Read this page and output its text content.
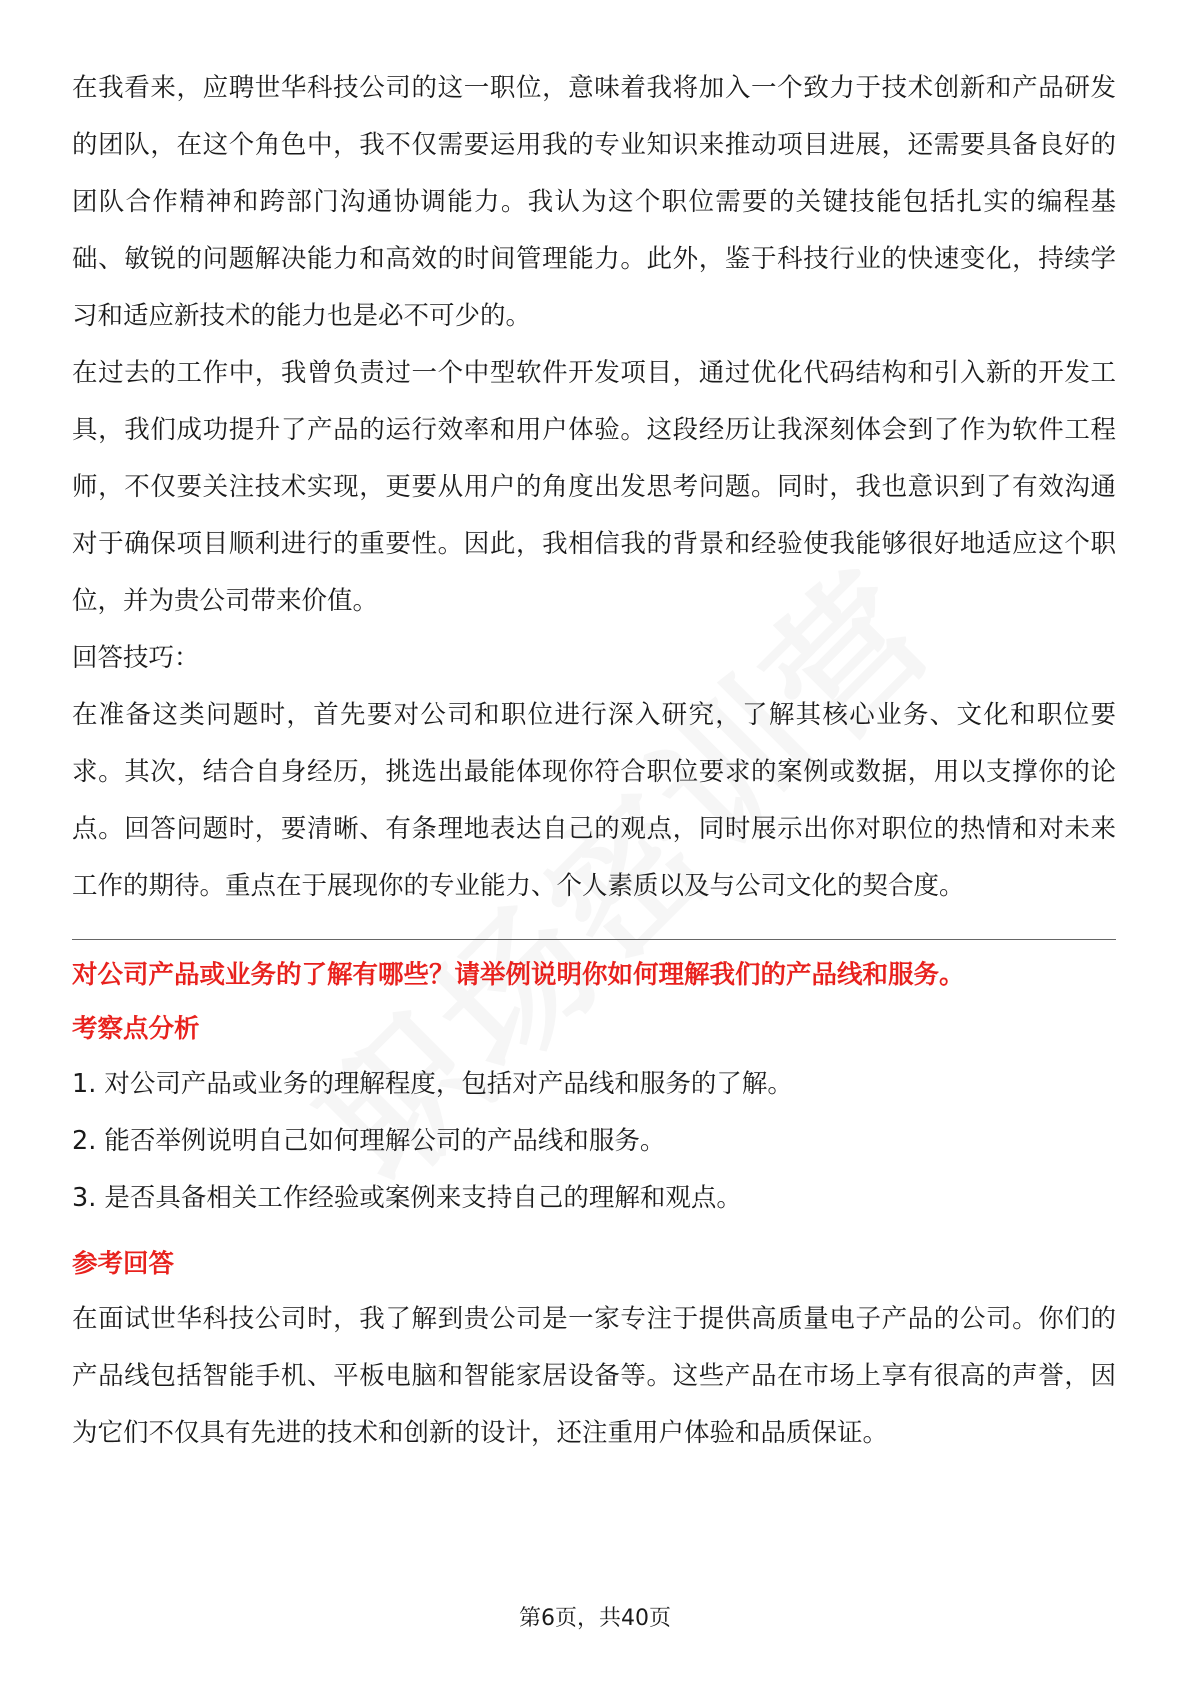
在我看来，应聘世华科技公司的这一职位，意味着我将加入一个致力于技术创新和产品研发的团队，在这个角色中，我不仅需要运用我的专业知识来推动项目进展，还需要具备良好的团队合作精神和跨部门沟通协调能力。我认为这个职位需要的关键技能包括扎实的编程基础、敏锐的问题解决能力和高效的时间管理能力。此外，鉴于科技行业的快速变化，持续学习和适应新技术的能力也是必不可少的。

在过去的工作中，我曾负责过一个中型软件开发项目，通过优化代码结构和引入新的开发工具，我们成功提升了产品的运行效率和用户体验。这段经历让我深刻体会到了作为软件工程师，不仅要关注技术实现，更要从用户的角度出发思考问题。同时，我也意识到了有效沟通对于确保项目顺利进行的重要性。因此，我相信我的背景和经验使我能够很好地适应这个职位，并为贵公司带来价值。

回答技巧：

在准备这类问题时，首先要对公司和职位进行深入研究，了解其核心业务、文化和职位要求。其次，结合自身经历，挑选出最能体现你符合职位要求的案例或数据，用以支撑你的论点。回答问题时，要清晰、有条理地表达自己的观点，同时展示出你对职位的热情和对未来工作的期待。重点在于展现你的专业能力、个人素质以及与公司文化的契合度。

对公司产品或业务的了解有哪些？请举例说明你如何理解我们的产品线和服务。

考察点分析

1. 对公司产品或业务的理解程度，包括对产品线和服务的了解。
2. 能否举例说明自己如何理解公司的产品线和服务。
3. 是否具备相关工作经验或案例来支持自己的理解和观点。

参考回答

在面试世华科技公司时，我了解到贵公司是一家专注于提供高质量电子产品的公司。你们的产品线包括智能手机、平板电脑和智能家居设备等。这些产品在市场上享有很高的声誉，因为它们不仅具有先进的技术和创新的设计，还注重用户体验和品质保证。

第6页，共40页
